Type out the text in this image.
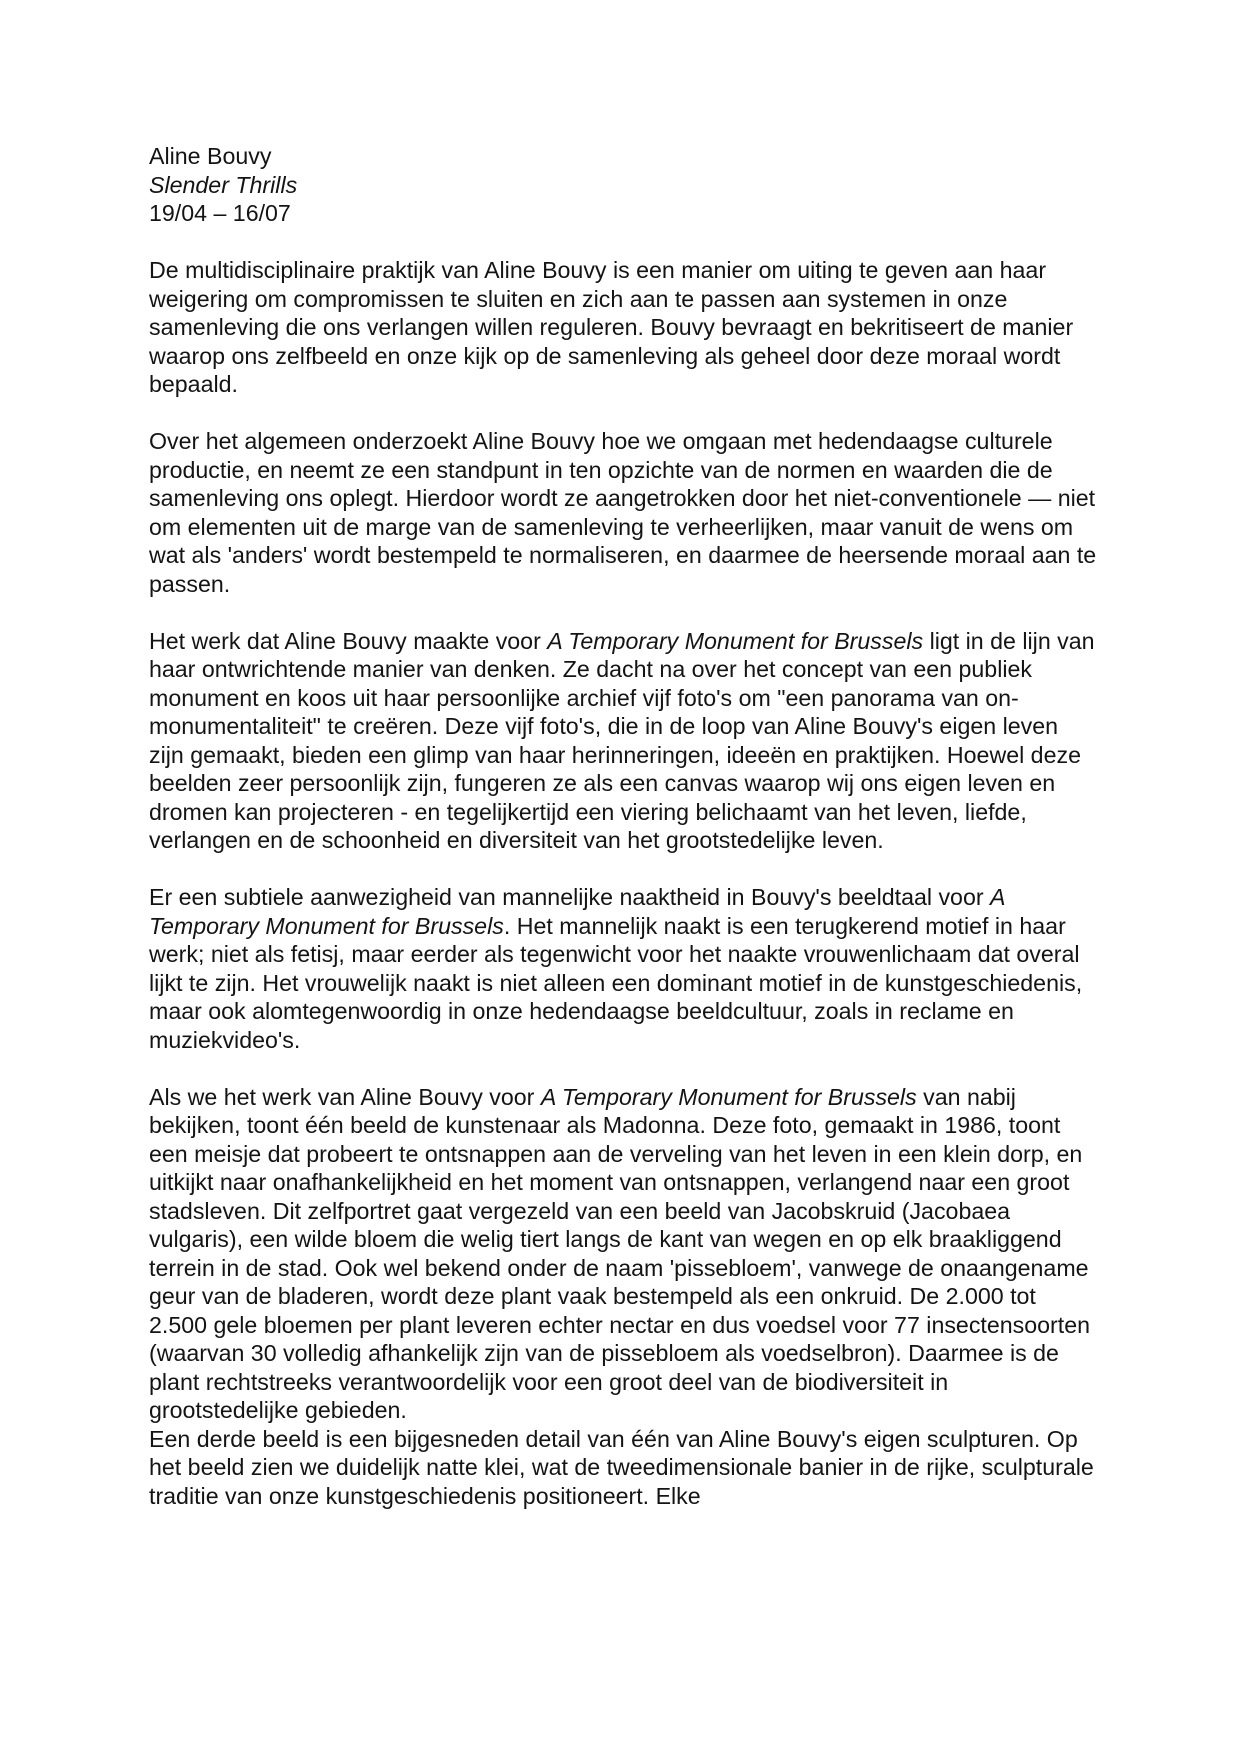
Aline Bouvy
Slender Thrills
19/04 – 16/07

De multidisciplinaire praktijk van Aline Bouvy is een manier om uiting te geven aan haar weigering om compromissen te sluiten en zich aan te passen aan systemen in onze samenleving die ons verlangen willen reguleren. Bouvy bevraagt en bekritiseert de manier waarop ons zelfbeeld en onze kijk op de samenleving als geheel door deze moraal wordt bepaald.

Over het algemeen onderzoekt Aline Bouvy hoe we omgaan met hedendaagse culturele productie, en neemt ze een standpunt in ten opzichte van de normen en waarden die de samenleving ons oplegt. Hierdoor wordt ze aangetrokken door het niet-conventionele — niet om elementen uit de marge van de samenleving te verheerlijken, maar vanuit de wens om wat als 'anders' wordt bestempeld te normaliseren, en daarmee de heersende moraal aan te passen.

Het werk dat Aline Bouvy maakte voor A Temporary Monument for Brussels ligt in de lijn van haar ontwrichtende manier van denken. Ze dacht na over het concept van een publiek monument en koos uit haar persoonlijke archief vijf foto's om "een panorama van on-monumentaliteit" te creëren. Deze vijf foto's, die in de loop van Aline Bouvy's eigen leven zijn gemaakt, bieden een glimp van haar herinneringen, ideeën en praktijken. Hoewel deze beelden zeer persoonlijk zijn, fungeren ze als een canvas waarop wij ons eigen leven en dromen kan projecteren - en tegelijkertijd een viering belichaamt van het leven, liefde, verlangen en de schoonheid en diversiteit van het grootstedelijke leven.

Er een subtiele aanwezigheid van mannelijke naaktheid in Bouvy's beeldtaal voor A Temporary Monument for Brussels. Het mannelijk naakt is een terugkerend motief in haar werk; niet als fetisj, maar eerder als tegenwicht voor het naakte vrouwenlichaam dat overal lijkt te zijn. Het vrouwelijk naakt is niet alleen een dominant motief in de kunstgeschiedenis, maar ook alomtegenwoordig in onze hedendaagse beeldcultuur, zoals in reclame en muziekvideo's.

Als we het werk van Aline Bouvy voor A Temporary Monument for Brussels van nabij bekijken, toont één beeld de kunstenaar als Madonna. Deze foto, gemaakt in 1986, toont een meisje dat probeert te ontsnappen aan de verveling van het leven in een klein dorp, en uitkijkt naar onafhankelijkheid en het moment van ontsnappen, verlangend naar een groot stadsleven. Dit zelfportret gaat vergezeld van een beeld van Jacobskruid (Jacobaea vulgaris), een wilde bloem die welig tiert langs de kant van wegen en op elk braakliggend terrein in de stad. Ook wel bekend onder de naam 'pissebloem', vanwege de onaangename geur van de bladeren, wordt deze plant vaak bestempeld als een onkruid. De 2.000 tot 2.500 gele bloemen per plant leveren echter nectar en dus voedsel voor 77 insectensoorten (waarvan 30 volledig afhankelijk zijn van de pissebloem als voedselbron). Daarmee is de plant rechtstreeks verantwoordelijk voor een groot deel van de biodiversiteit in grootstedelijke gebieden.

Een derde beeld is een bijgesneden detail van één van Aline Bouvy's eigen sculpturen. Op het beeld zien we duidelijk natte klei, wat de tweedimensionale banier in de rijke, sculpturale traditie van onze kunstgeschiedenis positioneert. Elke
